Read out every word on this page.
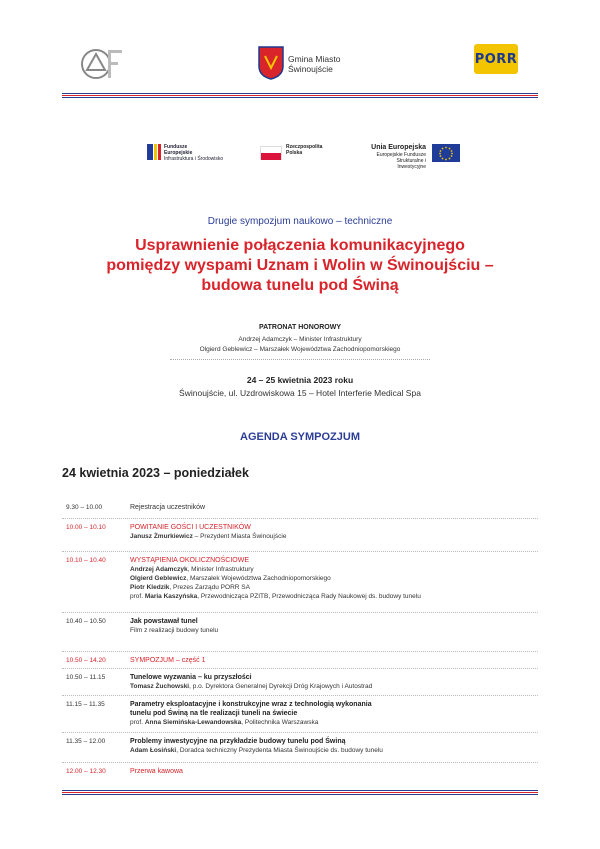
Gmina Miasto
Świnoujście
PORR
Fundusze
Europejskie
Infrastruktura i Środowisko
Rzeczpospolita
Polska
Unia Europejska
Europejskie Fundusze
Strukturalne i Inwestycyjne
Drugie sympozjum naukowo – techniczne
Usprawnienie połączenia komunikacyjnego
pomiędzy wyspami Uznam i Wolin w Świnoujściu –
budowa tunelu pod Świną
PATRONAT HONOROWY
Andrzej Adamczyk – Minister Infrastruktury
Olgierd Geblewicz – Marszałek Województwa Zachodniopomorskiego
24 – 25 kwietnia 2023 roku
Świnoujście, ul. Uzdrowiskowa 15 – Hotel Interferie Medical Spa
AGENDA SYMPOZJUM
24 kwietnia 2023 – poniedziałek
9.30 – 10.00	Rejestracja uczestników
10.00 – 10.10	POWITANIE GOŚCI I UCZESTNIKÓW
Janusz Żmurkiewicz – Prezydent Miasta Świnoujście
10.10 – 10.40	WYSTĄPIENIA OKOLICZNOŚCIOWE
Andrzej Adamczyk, Minister Infrastruktury
Olgierd Geblewicz, Marszałek Województwa Zachodniopomorskiego
Piotr Kledzik, Prezes Zarządu PORR SA
prof. Maria Kaszyńska, Przewodnicząca PZITB, Przewodnicząca Rady Naukowej ds. budowy tunelu
10.40 – 10.50	Jak powstawał tunel
Film z realizacji budowy tunelu
10.50 – 14.20	SYMPOZJUM – część 1
10.50 – 11.15	Tunelowe wyzwania – ku przyszłości
Tomasz Żuchowski, p.o. Dyrektora Generalnej Dyrekcji Dróg Krajowych i Autostrad
11.15 – 11.35	Parametry eksploatacyjne i konstrukcyjne wraz z technologią wykonania
tunelu pod Świną na tle realizacji tuneli na świecie
prof. Anna Siemińska-Lewandowska, Politechnika Warszawska
11.35 – 12.00	Problemy inwestycyjne na przykładzie budowy tunelu pod Świną
Adam Łosiński, Doradca techniczny Prezydenta Miasta Świnoujście ds. budowy tunelu
12.00 – 12.30	Przerwa kawowa
